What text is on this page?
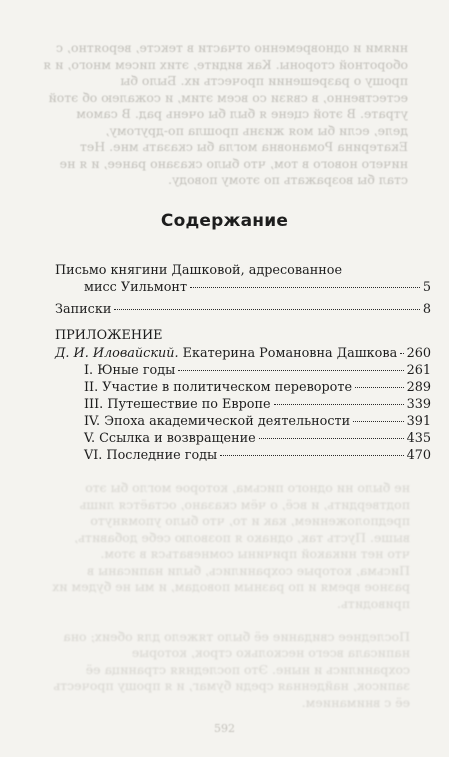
ниями и одновременно отчасти в тексте, вероятно, с оборотной стороны. Как видите, этих писем много, и я прошу о разрешении прочесть их. Было бы естественно, в связи со всем этим, и сожалею об этой утрате. В этой сцене я был бы очень рад. В самом деле, если бы моя жизнь прошла по-другому, Екатерина Романовна могла бы сказать мне. Нет ничего нового в том, что было сказано ранее, и я не стал бы возражать по этому поводу.
Содержание
Письмо княгини Дашковой, адресованное
мисс Уильмонт	5
Записки	8
ПРИЛОЖЕНИЕ
Д. И. Иловайский. Екатерина Романовна Дашкова 260
I. Юные годы	261
II. Участие в политическом перевороте	289
III. Путешествие по Европе	339
IV. Эпоха академической деятельности	391
V. Ссылка и возвращение	435
VI. Последние годы	470
не было ни одного письма, которое могло бы это подтвердить, и всё, о чём сказано, остаётся лишь предположением, как и то, что было упомянуто выше. Пусть так, однако я позволю себе добавить, что нет никакой причины сомневаться в этом. Письма, которые сохранились, были написаны в разное время и по разным поводам, и мы не будем их приводить.

Последнее свидание её было тяжело для обеих; она написала всего несколько строк, которые сохранились и ныне. Это последняя страница её записок, найденная среди бумаг, и я прошу прочесть её с вниманием.
592
